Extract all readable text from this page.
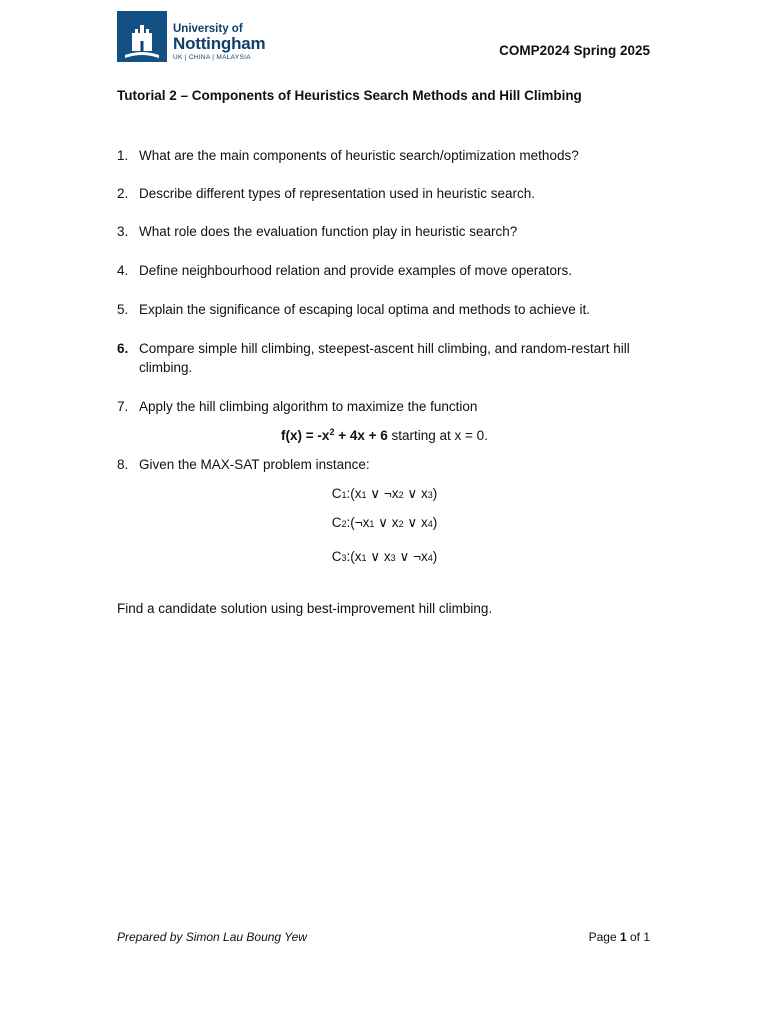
University of
Nottingham
UK | CHINA | MALAYSIA	COMP2024 Spring 2025
Tutorial 2 – Components of Heuristics Search Methods and Hill Climbing
1. What are the main components of heuristic search/optimization methods?
2. Describe different types of representation used in heuristic search.
3. What role does the evaluation function play in heuristic search?
4. Define neighbourhood relation and provide examples of move operators.
5. Explain the significance of escaping local optima and methods to achieve it.
6. Compare simple hill climbing, steepest-ascent hill climbing, and random-restart hill climbing.
7. Apply the hill climbing algorithm to maximize the function
$f(x) = -x^2 + 4x + 6$ starting at x = 0.
8. Given the MAX-SAT problem instance:
C1:(x1 ∨ ¬x2 ∨ x3)
C2:(¬x1 ∨ x2 ∨ x4)
C3:(x1 ∨ x3 ∨ ¬x4)
Find a candidate solution using best-improvement hill climbing.
Prepared by Simon Lau Boung Yew	Page 1 of 1
